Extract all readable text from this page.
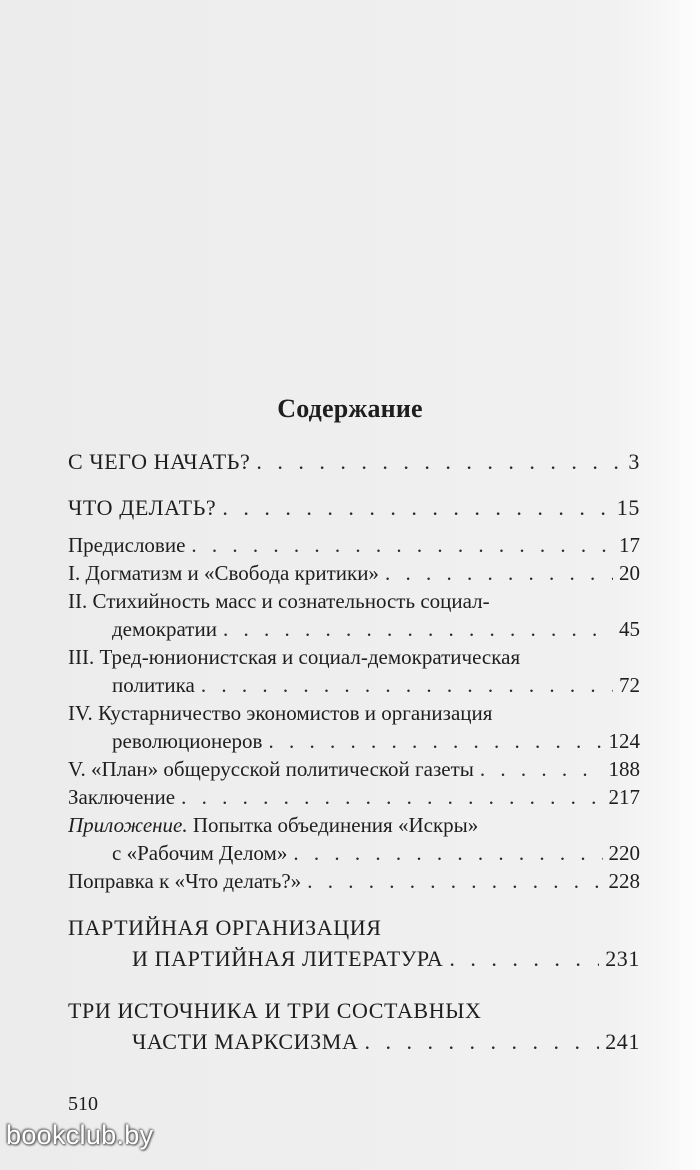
Содержание
С ЧЕГО НАЧАТЬ? . . .	3
ЧТО ДЕЛАТЬ? . . .	15
Предисловие . . .	17
I. Догматизм и «Свобода критики» . . .	20
II. Стихийность масс и сознательность социал-
демократии . . .	45
III. Тред-юнионистская и социал-демократическая
политика . . .	72
IV. Кустарничество экономистов и организация
революционеров . . .	124
V. «План» общерусской политической газеты . . .	188
Заключение . . .	217
Приложение. Попытка объединения «Искры»
с «Рабочим Делом» . . .	220
Поправка к «Что делать?» . . .	228
ПАРТИЙНАЯ ОРГАНИЗАЦИЯ
И ПАРТИЙНАЯ ЛИТЕРАТУРА . . .	231
ТРИ ИСТОЧНИКА И ТРИ СОСТАВНЫХ
ЧАСТИ МАРКСИЗМА . . .	241
510
bookclub.by
